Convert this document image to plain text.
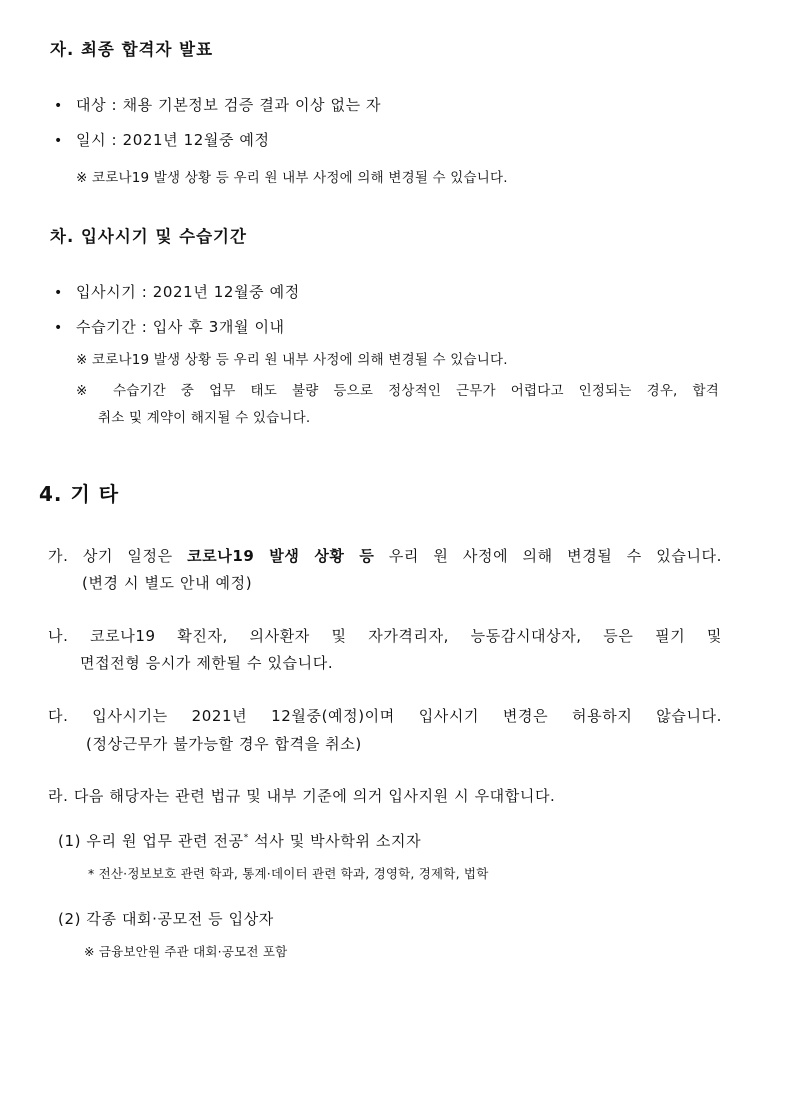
자. 최종 합격자 발표
• 대상 : 채용 기본정보 검증 결과 이상 없는 자
• 일시 : 2021년 12월중 예정
※ 코로나19 발생 상황 등 우리 원 내부 사정에 의해 변경될 수 있습니다.
차. 입사시기 및 수습기간
• 입사시기 : 2021년 12월중 예정
• 수습기간 : 입사 후 3개월 이내
※ 코로나19 발생 상황 등 우리 원 내부 사정에 의해 변경될 수 있습니다.
※ 수습기간 중 업무 태도 불량 등으로 정상적인 근무가 어렵다고 인정되는 경우, 합격
취소 및 계약이 해지될 수 있습니다.
4. 기 타
가. 상기 일정은 코로나19 발생 상황 등 우리 원 사정에 의해 변경될 수 있습니다.
(변경 시 별도 안내 예정)
나. 코로나19 확진자, 의사환자 및 자가격리자, 능동감시대상자, 등은 필기 및
면접전형 응시가 제한될 수 있습니다.
다. 입사시기는 2021년 12월중(예정)이며 입사시기 변경은 허용하지 않습니다.
(정상근무가 불가능할 경우 합격을 취소)
라. 다음 해당자는 관련 법규 및 내부 기준에 의거 입사지원 시 우대합니다.
(1) 우리 원 업무 관련 전공* 석사 및 박사학위 소지자
* 전산·정보보호 관련 학과, 통계·데이터 관련 학과, 경영학, 경제학, 법학
(2) 각종 대회·공모전 등 입상자
※ 금융보안원 주관 대회·공모전 포함
